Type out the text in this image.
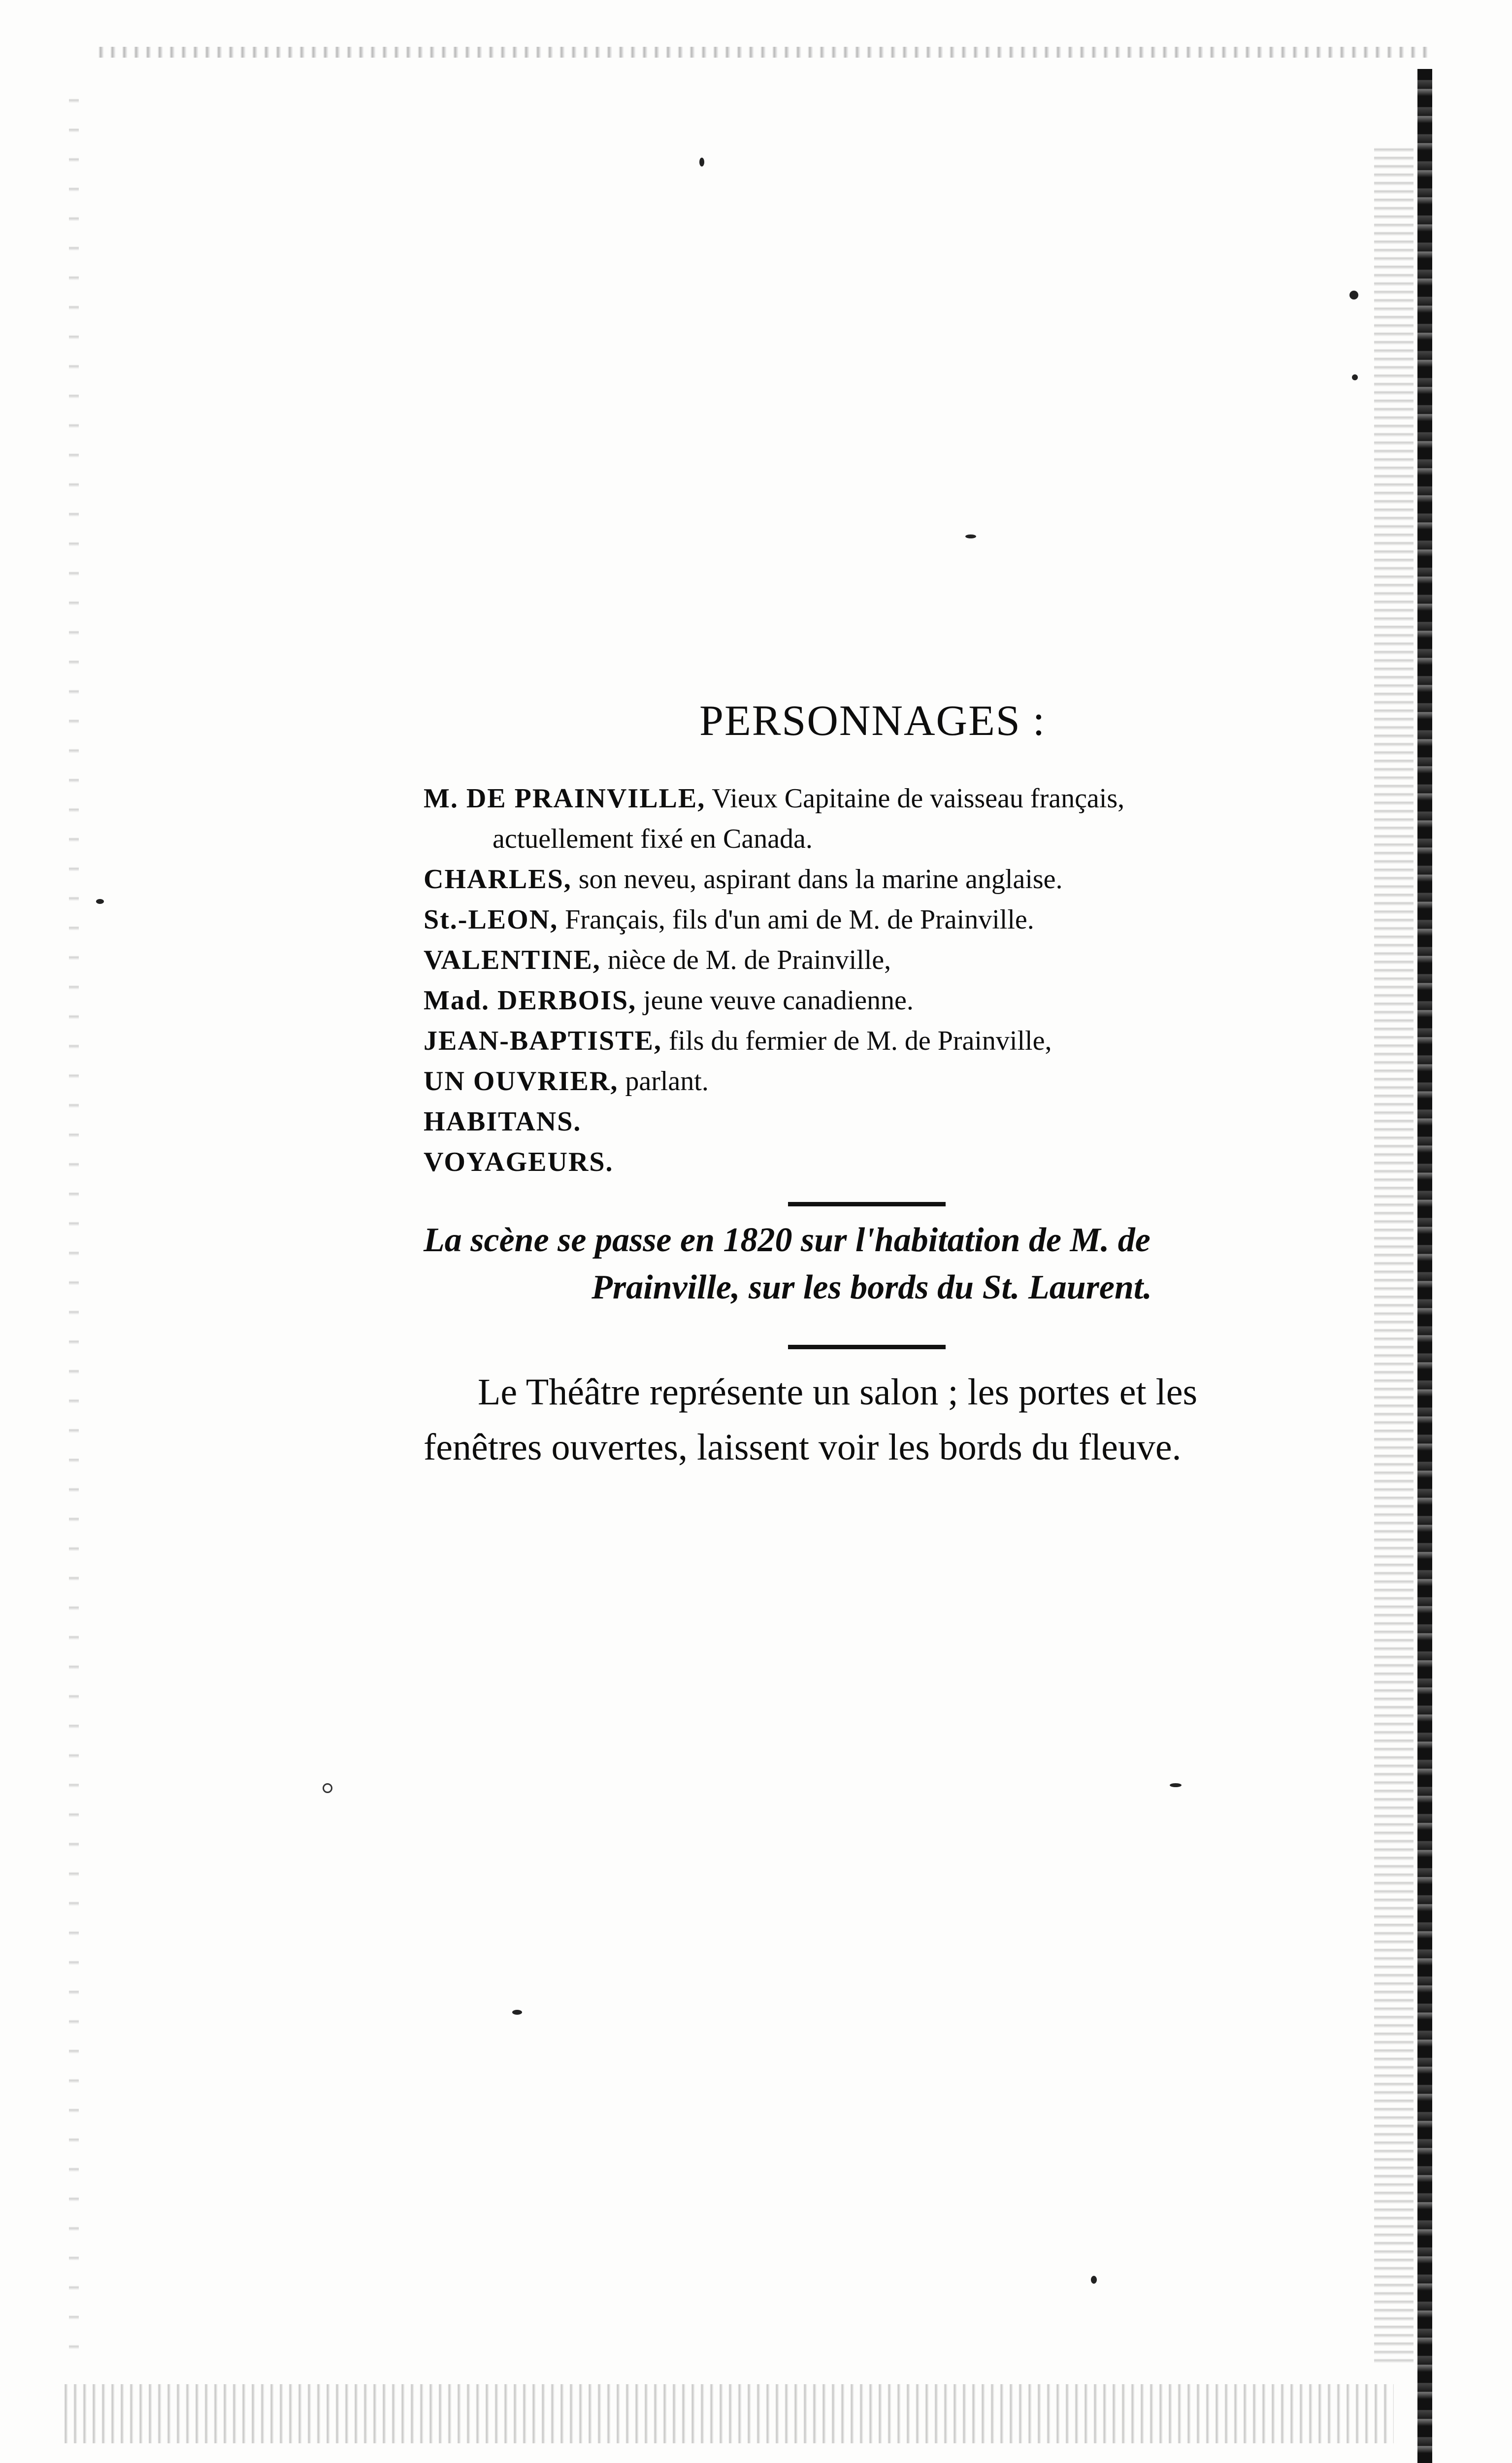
PERSONNAGES :
M. DE PRAINVILLE, Vieux Capitaine de vaisseau français,
actuellement fixé en Canada.
CHARLES, son neveu, aspirant dans la marine anglaise.
St.-LEON, Français, fils d'un ami de M. de Prainville.
VALENTINE, nièce de M. de Prainville,
Mad. DERBOIS, jeune veuve canadienne.
JEAN-BAPTISTE, fils du fermier de M. de Prainville,
UN OUVRIER, parlant.
HABITANS.
VOYAGEURS.

La scène se passe en 1820 sur l'habitation de M. de
Prainville, sur les bords du St. Laurent.

Le Théâtre représente un salon ; les portes et les
fenêtres ouvertes, laissent voir les bords du fleuve.
